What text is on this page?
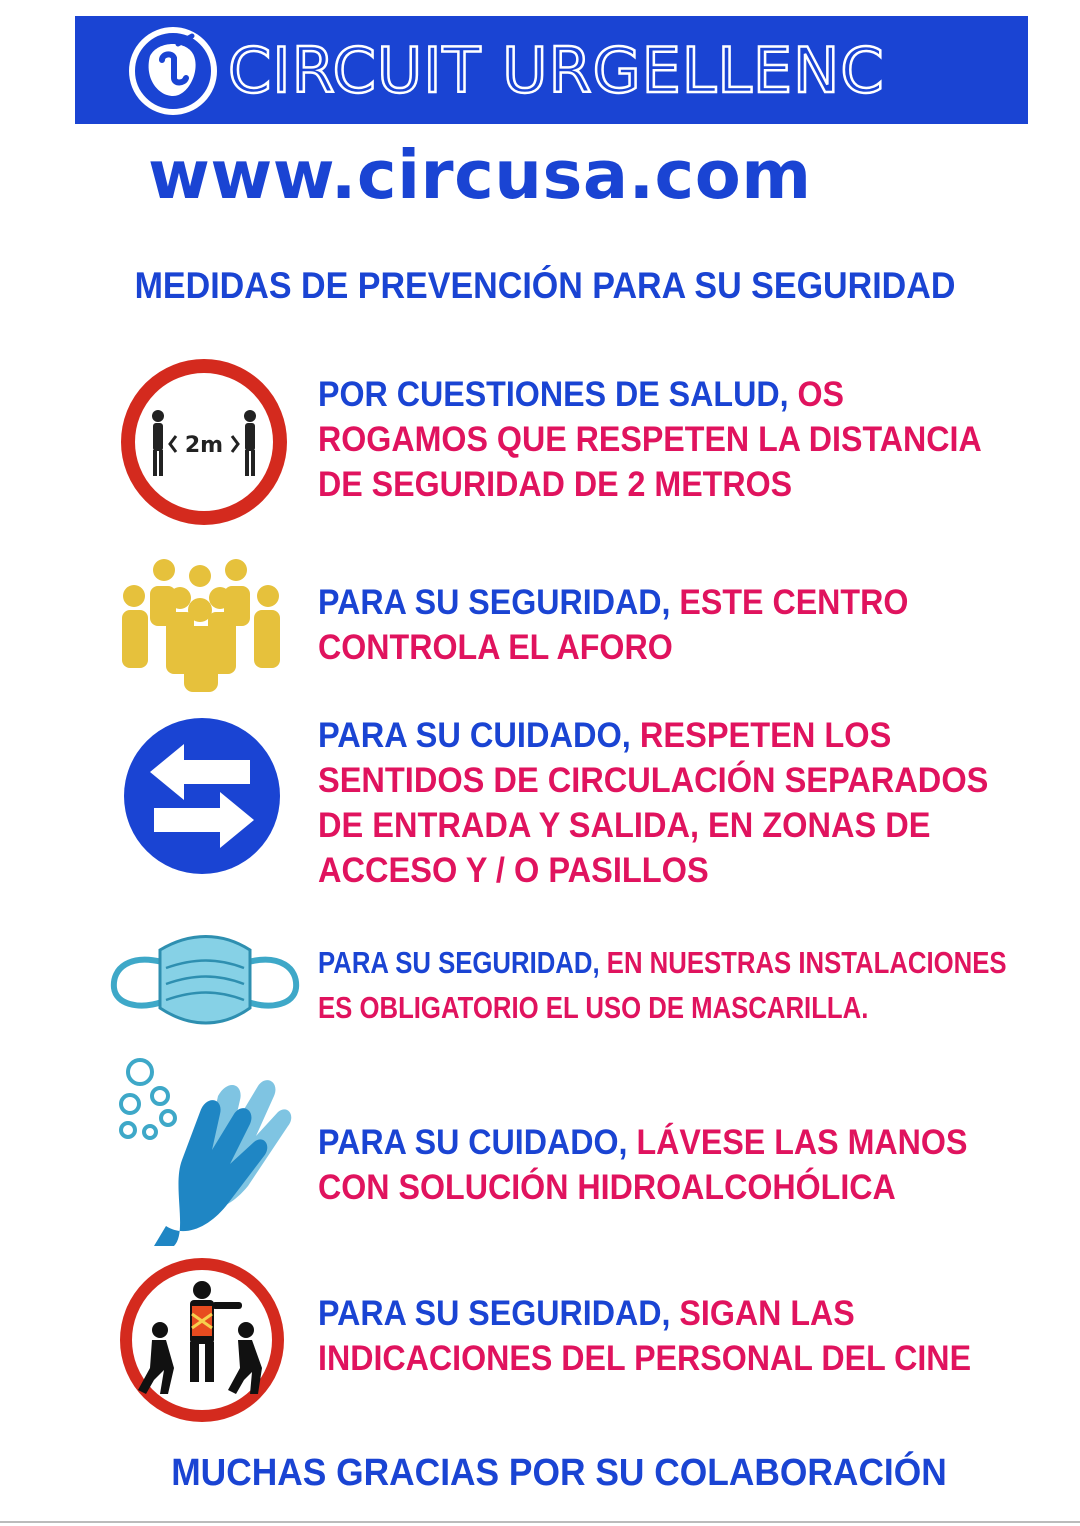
CIRCUIT URGELLENC
www.circusa.com
MEDIDAS DE PREVENCIÓN PARA SU SEGURIDAD
2m
POR CUESTIONES DE SALUD, OS
ROGAMOS QUE RESPETEN LA DISTANCIA
DE SEGURIDAD DE 2 METROS
PARA SU SEGURIDAD, ESTE CENTRO
CONTROLA EL AFORO
PARA SU CUIDADO, RESPETEN LOS
SENTIDOS DE CIRCULACIÓN SEPARADOS
DE ENTRADA Y SALIDA, EN ZONAS DE
ACCESO Y / O PASILLOS
PARA SU SEGURIDAD, EN NUESTRAS INSTALACIONES
ES OBLIGATORIO EL USO DE MASCARILLA.
PARA SU CUIDADO, LÁVESE LAS MANOS
CON SOLUCIÓN HIDROALCOHÓLICA
PARA SU SEGURIDAD, SIGAN LAS
INDICACIONES DEL PERSONAL DEL CINE
MUCHAS GRACIAS POR SU COLABORACIÓN
